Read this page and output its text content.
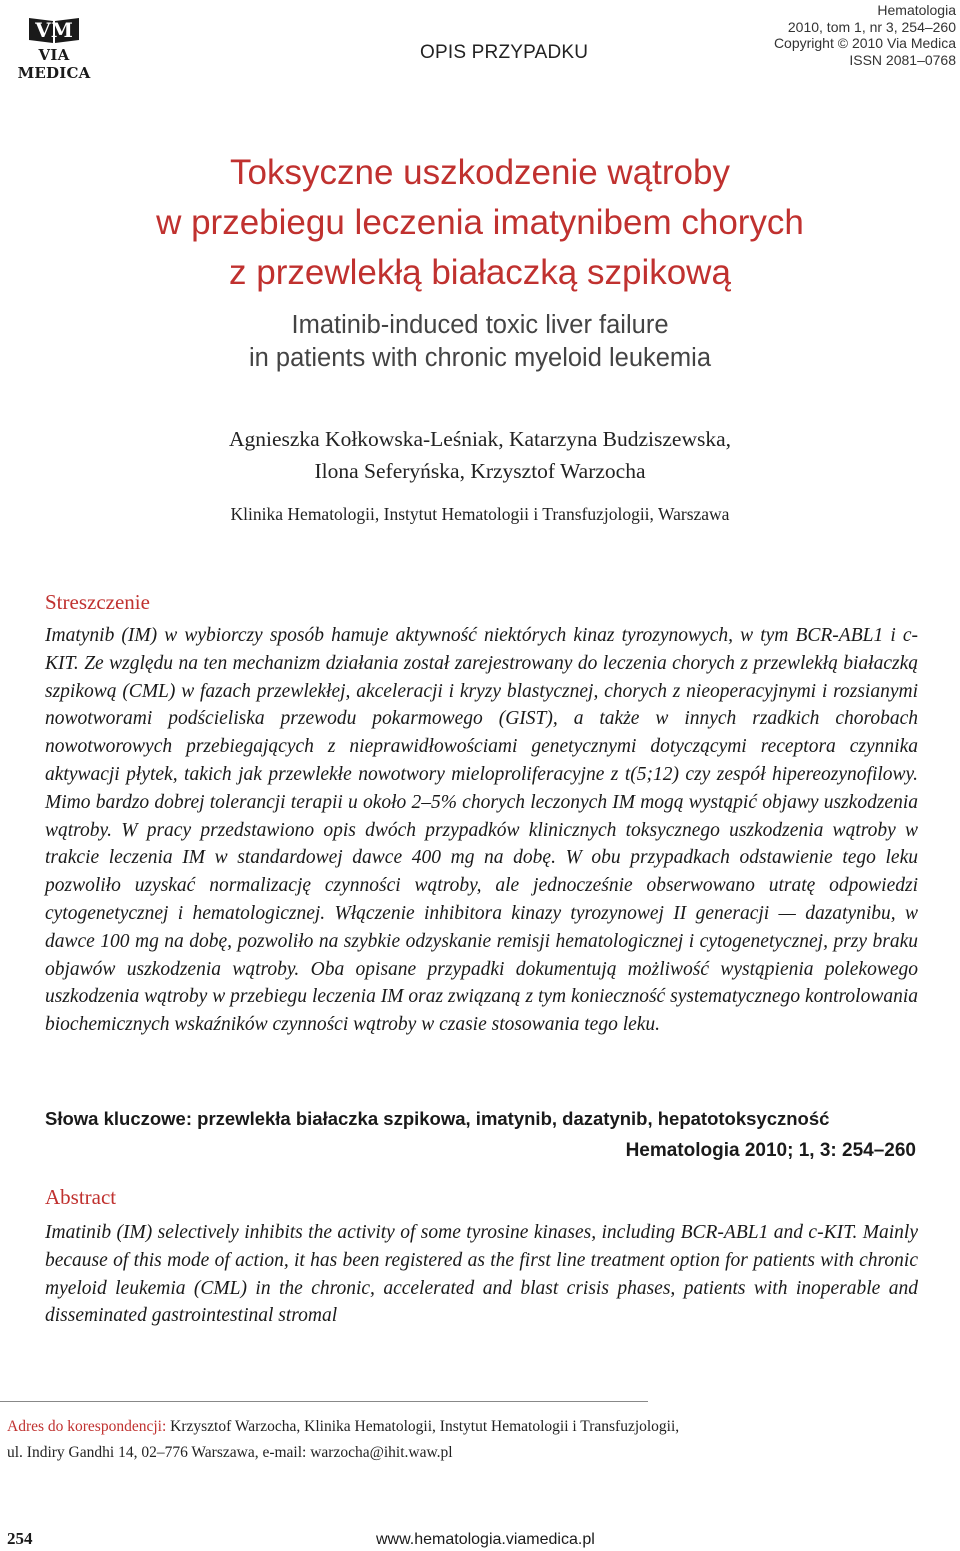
VM
VIA MEDICA
OPIS PRZYPADKU
Hematologia
2010, tom 1, nr 3, 254–260
Copyright © 2010 Via Medica
ISSN 2081–0768
Toksyczne uszkodzenie wątroby
w przebiegu leczenia imatynibem chorych
z przewlekłą białaczką szpikową
Imatinib-induced toxic liver failure
in patients with chronic myeloid leukemia
Agnieszka Kołkowska-Leśniak, Katarzyna Budziszewska,
Ilona Seferyńska, Krzysztof Warzocha
Klinika Hematologii, Instytut Hematologii i Transfuzjologii, Warszawa
Streszczenie
Imatynib (IM) w wybiorczy sposób hamuje aktywność niektórych kinaz tyrozynowych, w tym BCR-ABL1 i c-KIT. Ze względu na ten mechanizm działania został zarejestrowany do leczenia chorych z przewlekłą białaczką szpikową (CML) w fazach przewlekłej, akceleracji i kryzy blastycznej, chorych z nieoperacyjnymi i rozsianymi nowotworami podścieliska przewodu pokarmowego (GIST), a także w innych rzadkich chorobach nowotworowych przebiegających z nieprawidłowościami genetycznymi dotyczącymi receptora czynnika aktywacji płytek, takich jak przewlekłe nowotwory mieloproliferacyjne z t(5;12) czy zespół hipereozynofilowy. Mimo bardzo dobrej tolerancji terapii u około 2–5% chorych leczonych IM mogą wystąpić objawy uszkodzenia wątroby. W pracy przedstawiono opis dwóch przypadków klinicznych toksycznego uszkodzenia wątroby w trakcie leczenia IM w standardowej dawce 400 mg na dobę. W obu przypadkach odstawienie tego leku pozwoliło uzyskać normalizację czynności wątroby, ale jednocześnie obserwowano utratę odpowiedzi cytogenetycznej i hematologicznej. Włączenie inhibitora kinazy tyrozynowej II generacji — dazatynibu, w dawce 100 mg na dobę, pozwoliło na szybkie odzyskanie remisji hematologicznej i cytogenetycznej, przy braku objawów uszkodzenia wątroby. Oba opisane przypadki dokumentują możliwość wystąpienia polekowego uszkodzenia wątroby w przebiegu leczenia IM oraz związaną z tym konieczność systematycznego kontrolowania biochemicznych wskaźników czynności wątroby w czasie stosowania tego leku.
Słowa kluczowe: przewlekła białaczka szpikowa, imatynib, dazatynib, hepatotoksyczność
Hematologia 2010; 1, 3: 254–260
Abstract
Imatinib (IM) selectively inhibits the activity of some tyrosine kinases, including BCR-ABL1 and c-KIT. Mainly because of this mode of action, it has been registered as the first line treatment option for patients with chronic myeloid leukemia (CML) in the chronic, accelerated and blast crisis phases, patients with inoperable and disseminated gastrointestinal stromal
Adres do korespondencji: Krzysztof Warzocha, Klinika Hematologii, Instytut Hematologii i Transfuzjologii,
ul. Indiry Gandhi 14, 02–776 Warszawa, e-mail: warzocha@ihit.waw.pl
254	www.hematologia.viamedica.pl
